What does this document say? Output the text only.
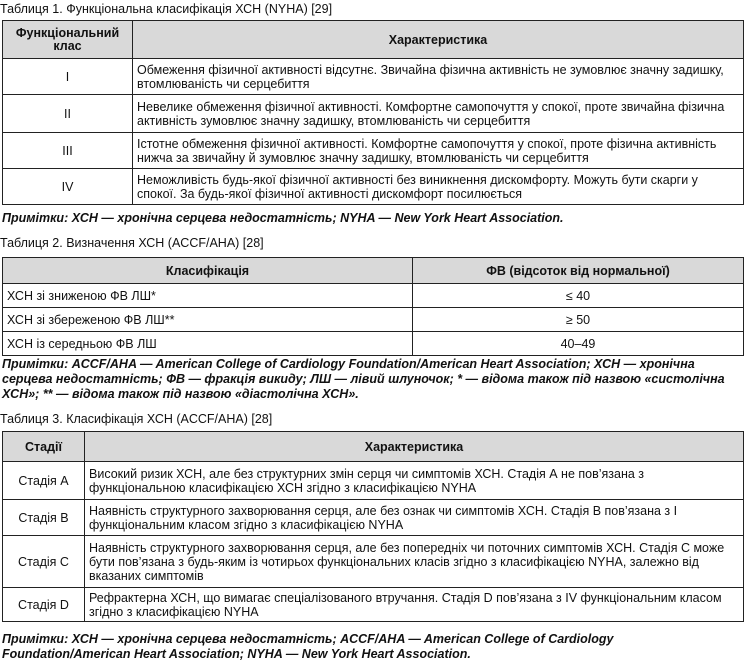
Таблиця 1. Функціональна класифікація ХСН (NYHA) [29]
Функціональний клас	Характеристика
I	Обмеження фізичної активності відсутнє. Звичайна фізична активність не зумовлює значну задишку, втомлюваність чи серцебиття
II	Невелике обмеження фізичної активності. Комфортне самопочуття у спокої, проте звичайна фізична активність зумовлює значну задишку, втомлюваність чи серцебиття
III	Істотне обмеження фізичної активності. Комфортне самопочуття у спокої, проте фізична активність нижча за звичайну й зумовлює значну задишку, втомлюваність чи серцебиття
IV	Неможливість будь-якої фізичної активності без виникнення дискомфорту. Можуть бути скарги у спокої. За будь-якої фізичної активності дискомфорт посилюється
Примітки: ХСН — хронічна серцева недостатність; NYHA — New York Heart Association.
Таблиця 2. Визначення ХСН (ACCF/AHA) [28]
Класифікація	ФВ (відсоток від нормальної)
ХСН зі зниженою ФВ ЛШ*	≤ 40
ХСН зі збереженою ФВ ЛШ**	≥ 50
ХСН із середньою ФВ ЛШ	40–49
Примітки: ACCF/AHA — American College of Cardiology Foundation/American Heart Association; ХСН — хронічна серцева недостатність; ФВ — фракція викиду; ЛШ — лівий шлуночок; * — відома також під назвою «систолічна ХСН»; ** — відома також під назвою «діастолічна ХСН».
Таблиця 3. Класифікація ХСН (ACCF/AHA) [28]
Стадії	Характеристика
Стадія А	Високий ризик ХСН, але без структурних змін серця чи симптомів ХСН. Стадія А не пов’язана з функціональною класифікацією ХСН згідно з класифікацією NYHA
Стадія В	Наявність структурного захворювання серця, але без ознак чи симптомів ХСН. Стадія В пов’язана з І функціональним класом згідно з класифікацією NYHA
Стадія С	Наявність структурного захворювання серця, але без попередніх чи поточних симптомів ХСН. Стадія С може бути пов’язана з будь-яким із чотирьох функціональних класів згідно з класифікацією NYHA, залежно від вказаних симптомів
Стадія D	Рефрактерна ХСН, що вимагає спеціалізованого втручання. Стадія D пов’язана з IV функціональним класом згідно з класифікацією NYHA
Примітки: ХСН — хронічна серцева недостатність; ACCF/AHA — American College of Cardiology Foundation/American Heart Association; NYHA — New York Heart Association.
